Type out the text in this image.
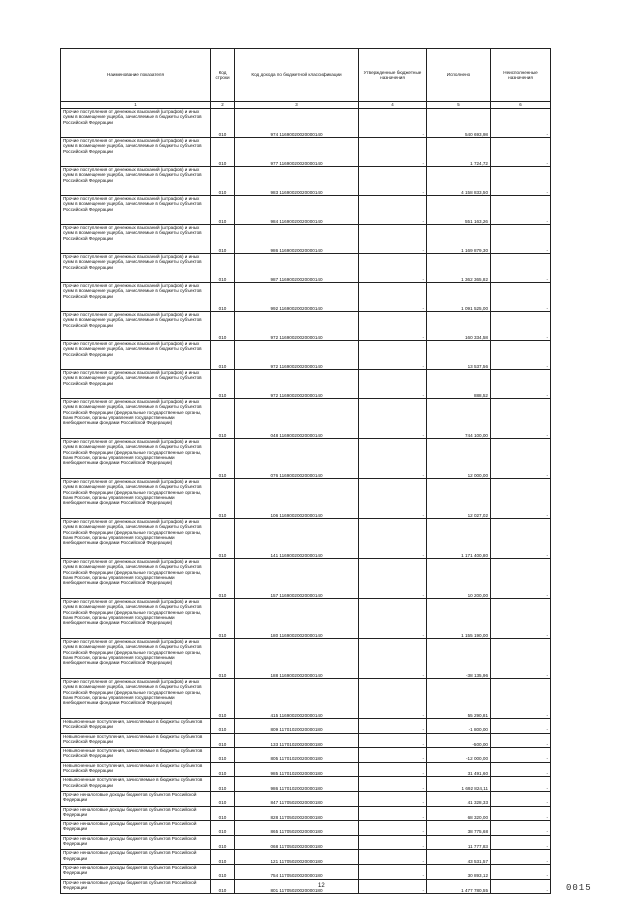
Наименование показателя	Код строки	Код дохода по бюджетной классификации	Утвержденные бюджетные назначения	Исполнено	Неисполненные назначения
1	2	3	4	5	6
Прочие поступления от денежных взысканий (штрафов) и иных сумм в возмещение ущерба, зачисляемые в бюджеты субъектов Российской Федерации	010	974 11690020020000140	-	540 693,98	-
Прочие поступления от денежных взысканий (штрафов) и иных сумм в возмещение ущерба, зачисляемые в бюджеты субъектов Российской Федерации	010	977 11690020020000140	-	1 724,72	-
Прочие поступления от денежных взысканий (штрафов) и иных сумм в возмещение ущерба, зачисляемые в бюджеты субъектов Российской Федерации	010	983 11690020020000140	-	4 158 833,50	-
Прочие поступления от денежных взысканий (штрафов) и иных сумм в возмещение ущерба, зачисляемые в бюджеты субъектов Российской Федерации	010	984 11690020020000140	-	551 163,26	-
Прочие поступления от денежных взысканий (штрафов) и иных сумм в возмещение ущерба, зачисляемые в бюджеты субъектов Российской Федерации	010	986 11690020020000140	-	1 169 879,30	-
Прочие поступления от денежных взысканий (штрафов) и иных сумм в возмещение ущерба, зачисляемые в бюджеты субъектов Российской Федерации	010	987 11690020020000140	-	1 362 365,82	-
Прочие поступления от денежных взысканий (штрафов) и иных сумм в возмещение ущерба, зачисляемые в бюджеты субъектов Российской Федерации	010	992 11690020020000140	-	1 091 525,00	-
Прочие поступления от денежных взысканий (штрафов) и иных сумм в возмещение ущерба, зачисляемые в бюджеты субъектов Российской Федерации	010	972 11690020020000140	-	160 334,58	-
Прочие поступления от денежных взысканий (штрафов) и иных сумм в возмещение ущерба, зачисляемые в бюджеты субъектов Российской Федерации	010	972 11690020020000140	-	13 537,56	-
Прочие поступления от денежных взысканий (штрафов) и иных сумм в возмещение ущерба, зачисляемые в бюджеты субъектов Российской Федерации	010	972 11690020020000140	-	888,52	-
Прочие поступления от денежных взысканий (штрафов) и иных сумм в возмещение ущерба, зачисляемые в бюджеты субъектов Российской Федерации (федеральные государственные органы, Банк России, органы управления государственными внебюджетными фондами Российской Федерации)	010	048 11690020020000140	-	744 100,00	-
Прочие поступления от денежных взысканий (штрафов) и иных сумм в возмещение ущерба, зачисляемые в бюджеты субъектов Российской Федерации (федеральные государственные органы, Банк России, органы управления государственными внебюджетными фондами Российской Федерации)	010	076 11690020020000140	-	12 000,00	-
Прочие поступления от денежных взысканий (штрафов) и иных сумм в возмещение ущерба, зачисляемые в бюджеты субъектов Российской Федерации (федеральные государственные органы, Банк России, органы управления государственными внебюджетными фондами Российской Федерации)	010	106 11690020020000140	-	12 027,02	-
Прочие поступления от денежных взысканий (штрафов) и иных сумм в возмещение ущерба, зачисляемые в бюджеты субъектов Российской Федерации (федеральные государственные органы, Банк России, органы управления государственными внебюджетными фондами Российской Федерации)	010	141 11690020020000140	-	1 171 400,80	-
Прочие поступления от денежных взысканий (штрафов) и иных сумм в возмещение ущерба, зачисляемые в бюджеты субъектов Российской Федерации (федеральные государственные органы, Банк России, органы управления государственными внебюджетными фондами Российской Федерации)	010	157 11690020020000140	-	10 200,00	-
Прочие поступления от денежных взысканий (штрафов) и иных сумм в возмещение ущерба, зачисляемые в бюджеты субъектов Российской Федерации (федеральные государственные органы, Банк России, органы управления государственными внебюджетными фондами Российской Федерации)	010	180 11690020020000140	-	1 155 190,00	-
Прочие поступления от денежных взысканий (штрафов) и иных сумм в возмещение ущерба, зачисляемые в бюджеты субъектов Российской Федерации (федеральные государственные органы, Банк России, органы управления государственными внебюджетными фондами Российской Федерации)	010	188 11690020020000140	-	-38 135,96	-
Прочие поступления от денежных взысканий (штрафов) и иных сумм в возмещение ущерба, зачисляемые в бюджеты субъектов Российской Федерации (федеральные государственные органы, Банк России, органы управления государственными внебюджетными фондами Российской Федерации)	010	415 11690020020000140	-	55 290,81	-
Невыясненные поступления, зачисляемые в бюджеты субъектов Российской Федерации	010	809 11701020020000180	-	-1 800,00	-
Невыясненные поступления, зачисляемые в бюджеты субъектов Российской Федерации	010	133 11701020020000180	-	-500,00	-
Невыясненные поступления, зачисляемые в бюджеты субъектов Российской Федерации	010	805 11701020020000180	-	-12 000,00	-
Невыясненные поступления, зачисляемые в бюджеты субъектов Российской Федерации	010	985 11701020020000180	-	31 491,60	-
Невыясненные поступления, зачисляемые в бюджеты субъектов Российской Федерации	010	986 11701020020000180	-	1 692 824,11	-
Прочие неналоговые доходы бюджетов субъектов Российской Федерации	010	847 11705020020000180	-	41 328,33	-
Прочие неналоговые доходы бюджетов субъектов Российской Федерации	010	828 11705020020000180	-	68 320,00	-
Прочие неналоговые доходы бюджетов субъектов Российской Федерации	010	865 11705020020000180	-	38 775,68	-
Прочие неналоговые доходы бюджетов субъектов Российской Федерации	010	068 11705020020000180	-	11 777,83	-
Прочие неналоговые доходы бюджетов субъектов Российской Федерации	010	121 11705020020000180	-	43 531,57	-
Прочие неналоговые доходы бюджетов субъектов Российской Федерации	010	754 11705020020000180	-	30 893,12	-
Прочие неналоговые доходы бюджетов субъектов Российской Федерации	010	801 11705020020000180	-	1 477 780,55	-
12	0015
